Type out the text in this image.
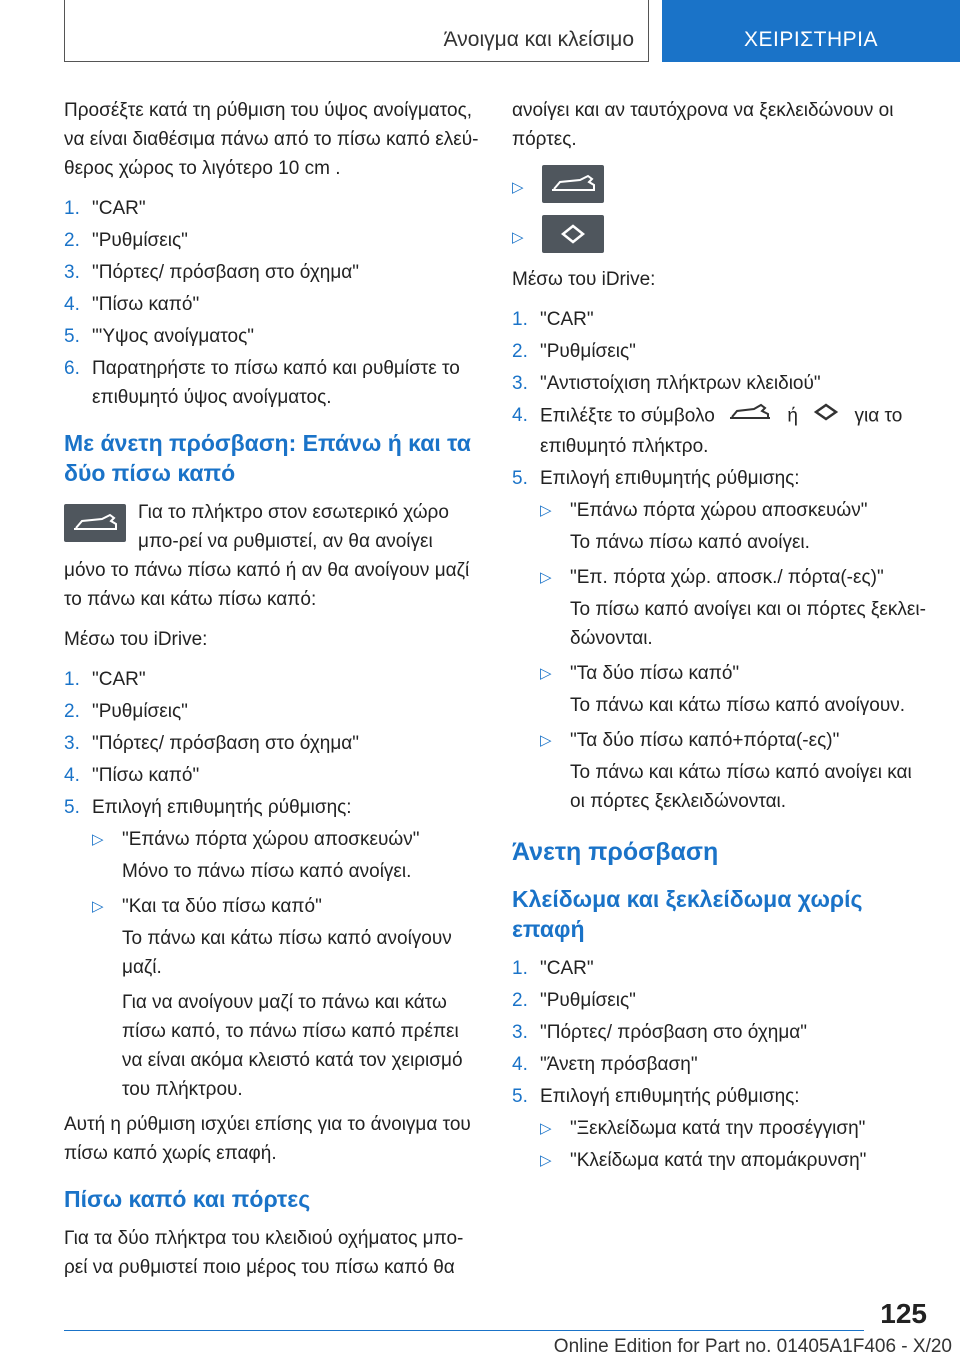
Άνοιγμα και κλείσιμο	ΧΕΙΡΙΣΤΗΡΙΑ

Προσέξτε κατά τη ρύθμιση του ύψος ανοίγματος, να είναι διαθέσιμα πάνω από το πίσω καπό ελεύ-θερος χώρος το λιγότερο 10 cm .

1. "CAR"
2. "Ρυθμίσεις"
3. "Πόρτες/ πρόσβαση στο όχημα"
4. "Πίσω καπό"
5. "'Υψος ανοίγματος"
6. Παρατηρήστε το πίσω καπό και ρυθμίστε το επιθυμητό ύψος ανοίγματος.
Με άνετη πρόσβαση: Επάνω ή και τα δύο πίσω καπό

Για το πλήκτρο στον εσωτερικό χώρο μπο-ρεί να ρυθμιστεί, αν θα ανοίγει μόνο το πάνω πίσω καπό ή αν θα ανοίγουν μαζί το πάνω και κάτω πίσω καπό:

Μέσω του iDrive:

1. "CAR"
2. "Ρυθμίσεις"
3. "Πόρτες/ πρόσβαση στο όχημα"
4. "Πίσω καπό"
5. Επιλογή επιθυμητής ρύθμισης:
▷ "Επάνω πόρτα χώρου αποσκευών"
Μόνο το πάνω πίσω καπό ανοίγει.
▷ "Και τα δύο πίσω καπό"
Το πάνω και κάτω πίσω καπό ανοίγουν μαζί.
Για να ανοίγουν μαζί το πάνω και κάτω πίσω καπό, το πάνω πίσω καπό πρέπει να είναι ακόμα κλειστό κατά τον χειρισμό του πλήκτρου.

Αυτή η ρύθμιση ισχύει επίσης για το άνοιγμα του πίσω καπό χωρίς επαφή.

Πίσω καπό και πόρτες

Για τα δύο πλήκτρα του κλειδιού οχήματος μπο-ρεί να ρυθμιστεί ποιο μέρος του πίσω καπό θα

ανοίγει και αν ταυτόχρονα να ξεκλειδώνουν οι πόρτες.

▷
▷

Μέσω του iDrive:

1. "CAR"
2. "Ρυθμίσεις"
3. "Αντιστοίχιση πλήκτρων κλειδιού"
4. Επιλέξτε το σύμβολο	ή	για το επιθυμητό πλήκτρο.
5. Επιλογή επιθυμητής ρύθμισης:
▷ "Επάνω πόρτα χώρου αποσκευών"
Το πάνω πίσω καπό ανοίγει.
▷ "Επ. πόρτα χώρ. αποσκ./ πόρτα(-ες)"
Το πίσω καπό ανοίγει και οι πόρτες ξεκλει-δώνονται.
▷ "Τα δύο πίσω καπό"
Το πάνω και κάτω πίσω καπό ανοίγουν.
▷ "Τα δύο πίσω καπό+πόρτα(-ες)"
Το πάνω και κάτω πίσω καπό ανοίγει και οι πόρτες ξεκλειδώνονται.
Άνετη πρόσβαση
Κλείδωμα και ξεκλείδωμα χωρίς επαφή
1. "CAR"
2. "Ρυθμίσεις"
3. "Πόρτες/ πρόσβαση στο όχημα"
4. "Άνετη πρόσβαση"
5. Επιλογή επιθυμητής ρύθμισης:
▷ "Ξεκλείδωμα κατά την προσέγγιση"
▷ "Κλείδωμα κατά την απομάκρυνση"
125
Online Edition for Part no. 01405A1F406 - X/20
